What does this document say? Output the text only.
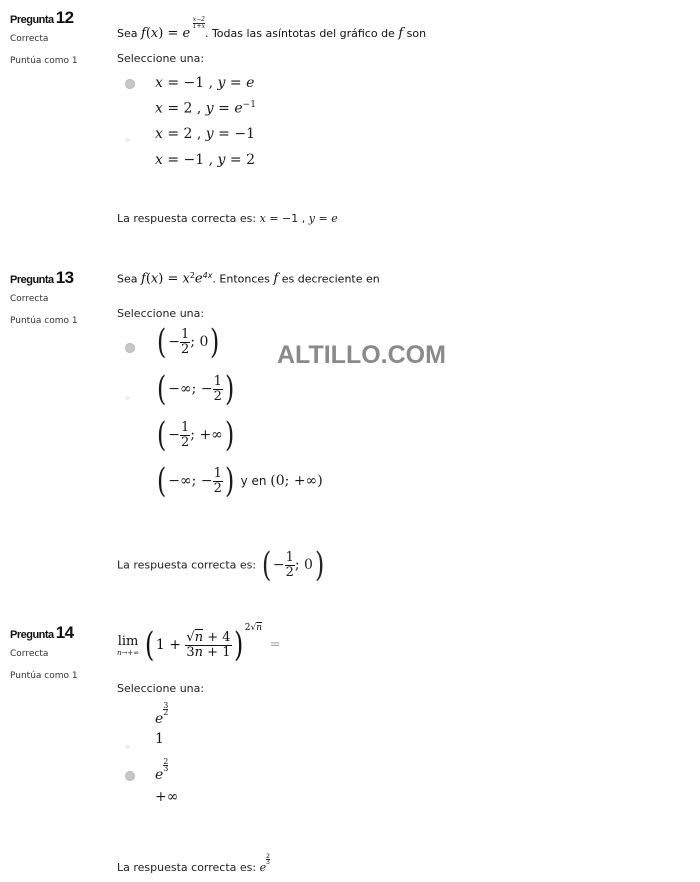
ALTILLO.COM
Pregunta 12
Correcta
Puntúa como 1
Sea f(x) = e
$^{\frac{x-2}{1+x}}$
. Todas las asíntotas del gráfico de f son
Seleccione una:
x = −1 , y = e
x = 2 , $y = e^{-1}$
x = 2 , y = −1
x = −1 , y = 2
La respuesta correcta es: x = −1 , y = e
Pregunta 13
Correcta
Puntúa como 1
Sea $f(x) = x^2e^{4x}$. Entonces f es decreciente en
Seleccione una:
( − $\frac{1}{2}$ ; 0)
( −∞; − $\frac{1}{2}$ )
( − $\frac{1}{2}$ ; +∞)
( −∞; − $\frac{1}{2}$ ) y en (0; +∞)
La respuesta correcta es: ( − $\frac{1}{2}$ ; 0)
Pregunta 14
Correcta
Puntúa como 1
lim
n→+∞ ( $1 + \frac{√n + 4}{3n + 1}$ ) $^{2√n}$  =
Seleccione una:
e
$^{\frac{3}{2}}$
1
e
$^{\frac{2}{3}}$
+∞
La respuesta correcta es: e
$^{\frac{2}{3}}$
